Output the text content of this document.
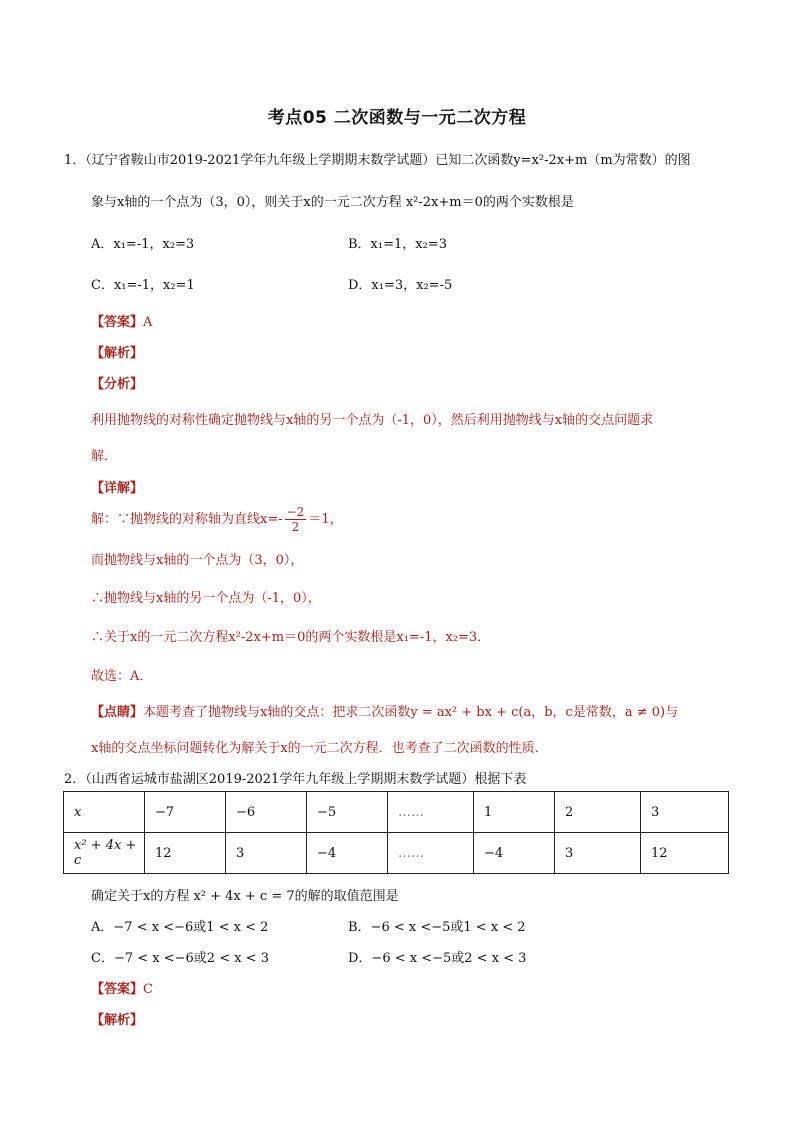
考点05 二次函数与一元二次方程
1．（辽宁省鞍山市2019-2021学年九年级上学期期末数学试题）已知二次函数y=x²-2x+m（m为常数）的图
象与x轴的一个点为（3，0），则关于x的一元二次方程 x²-2x+m＝0的两个实数根是
A．x₁=-1，x₂=3	B．x₁=1，x₂=3
C．x₁=-1，x₂=1	D．x₁=3，x₂=-5
【答案】A
【解析】
【分析】
利用抛物线的对称性确定抛物线与x轴的另一个点为（-1，0），然后利用抛物线与x轴的交点问题求
解．
【详解】
解：∵抛物线的对称轴为直线$x=- \frac{-2}{2} =1$，
而抛物线与x轴的一个点为（3，0），
∴抛物线与x轴的另一个点为（-1，0），
∴关于x的一元二次方程x²-2x+m＝0的两个实数根是x₁=-1，x₂=3．
故选：A．
【点睛】本题考查了抛物线与x轴的交点：把求二次函数y = ax² + bx + c(a，b，c是常数，a ≠ 0)与
x轴的交点坐标问题转化为解关于x的一元二次方程．也考查了二次函数的性质．
2．（山西省运城市盐湖区2019-2021学年九年级上学期期末数学试题）根据下表
x	−7	−6	−5	……	1	2	3
x² + 4x + c	12	3	−4	……	−4	3	12
确定关于x的方程 x² + 4x + c = 7的解的取值范围是
A．−7 < x <−6或1 < x < 2	B．−6 < x <−5或1 < x < 2
C．−7 < x <−6或2 < x < 3	D．−6 < x <−5或2 < x < 3
【答案】C
【解析】
